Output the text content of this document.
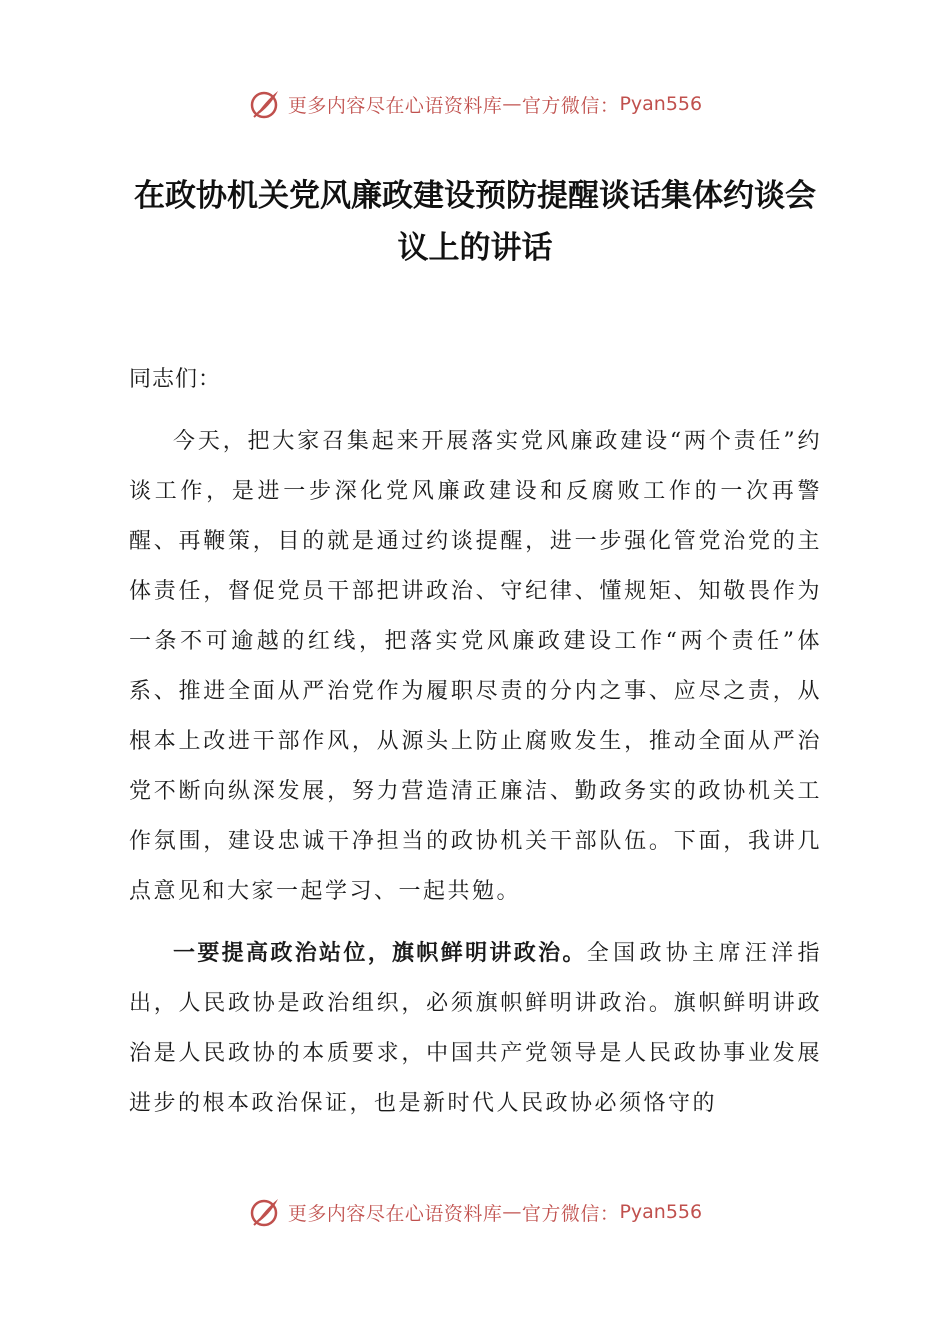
更多内容尽在心语资料库 — 官方微信： Pyan556
在政协机关党风廉政建设预防提醒谈话集体约谈会议上的讲话

同志们：

今天，把大家召集起来开展落实党风廉政建设“两个责任”约谈工作，是进一步深化党风廉政建设和反腐败工作的一次再警醒、再鞭策，目的就是通过约谈提醒，进一步强化管党治党的主体责任，督促党员干部把讲政治、守纪律、懂规矩、知敬畏作为一条不可逾越的红线，把落实党风廉政建设工作“两个责任”体系、推进全面从严治党作为履职尽责的分内之事、应尽之责，从根本上改进干部作风，从源头上防止腐败发生，推动全面从严治党不断向纵深发展，努力营造清正廉洁、勤政务实的政协机关工作氛围，建设忠诚干净担当的政协机关干部队伍。下面，我讲几点意见和大家一起学习、一起共勉。

一要提高政治站位，旗帜鲜明讲政治。全国政协主席汪洋指出，人民政协是政治组织，必须旗帜鲜明讲政治。旗帜鲜明讲政治是人民政协的本质要求，中国共产党领导是人民政协事业发展进步的根本政治保证，也是新时代人民政协必须恪守的

更多内容尽在心语资料库 — 官方微信： Pyan556
